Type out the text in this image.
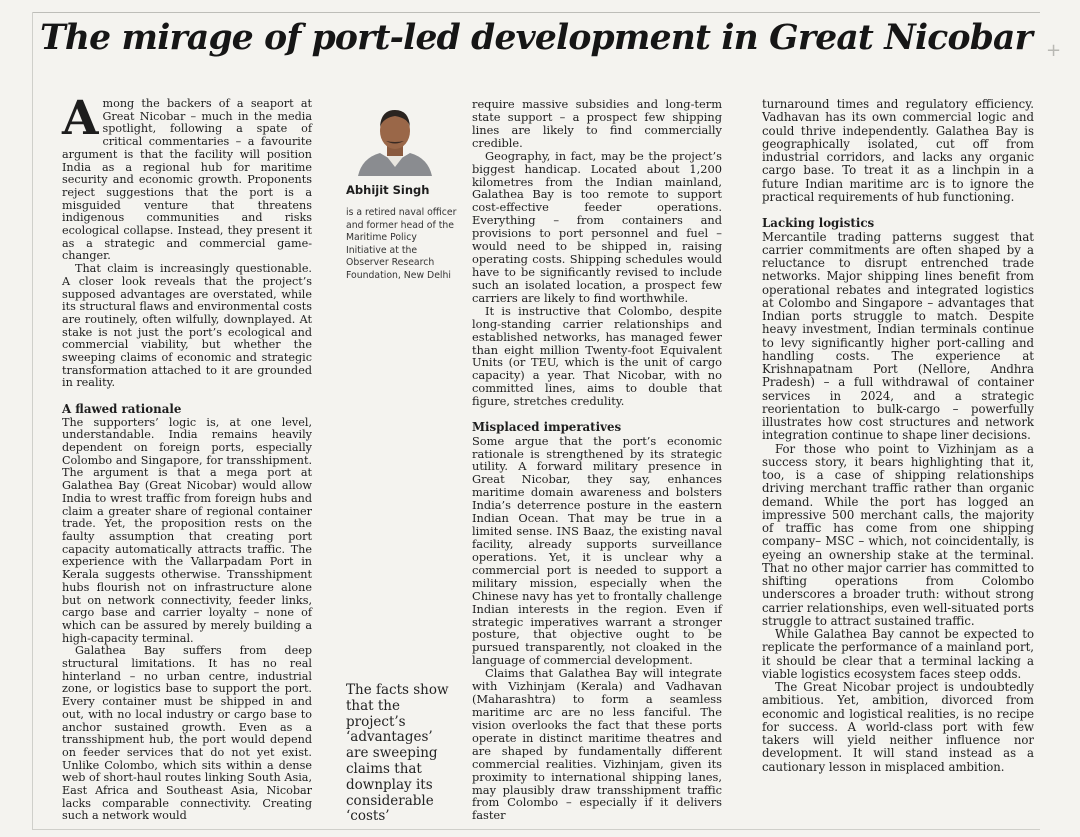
+
The mirage of port-led development in Great Nicobar

Among the backers of a seaport at Great Nicobar – much in the media spotlight, following a spate of critical commentaries – a favourite argument is that the facility will position India as a regional hub for maritime security and economic growth. Proponents reject suggestions that the port is a misguided venture that threatens indigenous communities and risks ecological collapse. Instead, they present it as a strategic and commercial game-changer.

That claim is increasingly questionable. A closer look reveals that the project’s supposed advantages are overstated, while its structural flaws and environmental costs are routinely, often wilfully, downplayed. At stake is not just the port’s ecological and commercial viability, but whether the sweeping claims of economic and strategic transformation attached to it are grounded in reality.

A flawed rationale

The supporters’ logic is, at one level, understandable. India remains heavily dependent on foreign ports, especially Colombo and Singapore, for transshipment. The argument is that a mega port at Galathea Bay (Great Nicobar) would allow India to wrest traffic from foreign hubs and claim a greater share of regional container trade. Yet, the proposition rests on the faulty assumption that creating port capacity automatically attracts traffic. The experience with the Vallarpadam Port in Kerala suggests otherwise. Transshipment hubs flourish not on infrastructure alone but on network connectivity, feeder links, cargo base and carrier loyalty – none of which can be assured by merely building a high-capacity terminal.

Galathea Bay suffers from deep structural limitations. It has no real hinterland – no urban centre, industrial zone, or logistics base to support the port. Every container must be shipped in and out, with no local industry or cargo base to anchor sustained growth. Even as a transshipment hub, the port would depend on feeder services that do not yet exist. Unlike Colombo, which sits within a dense web of short-haul routes linking South Asia, East Africa and Southeast Asia, Nicobar lacks comparable connectivity. Creating such a network would

Abhijit Singh
is a retired naval officer and former head of the Maritime Policy Initiative at the Observer Research Foundation, New Delhi

The facts show that the project’s ‘advantages’ are sweeping claims that downplay its considerable ‘costs’

require massive subsidies and long-term state support – a prospect few shipping lines are likely to find commercially credible.

Geography, in fact, may be the project’s biggest handicap. Located about 1,200 kilometres from the Indian mainland, Galathea Bay is too remote to support cost-effective feeder operations. Everything – from containers and provisions to port personnel and fuel – would need to be shipped in, raising operating costs. Shipping schedules would have to be significantly revised to include such an isolated location, a prospect few carriers are likely to find worthwhile.

It is instructive that Colombo, despite long-standing carrier relationships and established networks, has managed fewer than eight million Twenty-foot Equivalent Units (or TEU, which is the unit of cargo capacity) a year. That Nicobar, with no committed lines, aims to double that figure, stretches credulity.

Misplaced imperatives

Some argue that the port’s economic rationale is strengthened by its strategic utility. A forward military presence in Great Nicobar, they say, enhances maritime domain awareness and bolsters India’s deterrence posture in the eastern Indian Ocean. That may be true in a limited sense. INS Baaz, the existing naval facility, already supports surveillance operations. Yet, it is unclear why a commercial port is needed to support a military mission, especially when the Chinese navy has yet to frontally challenge Indian interests in the region. Even if strategic imperatives warrant a stronger posture, that objective ought to be pursued transparently, not cloaked in the language of commercial development.

Claims that Galathea Bay will integrate with Vizhinjam (Kerala) and Vadhavan (Maharashtra) to form a seamless maritime arc are no less fanciful. The vision overlooks the fact that these ports operate in distinct maritime theatres and are shaped by fundamentally different commercial realities. Vizhinjam, given its proximity to international shipping lanes, may plausibly draw transshipment traffic from Colombo – especially if it delivers faster

turnaround times and regulatory efficiency. Vadhavan has its own commercial logic and could thrive independently. Galathea Bay is geographically isolated, cut off from industrial corridors, and lacks any organic cargo base. To treat it as a linchpin in a future Indian maritime arc is to ignore the practical requirements of hub functioning.

Lacking logistics

Mercantile trading patterns suggest that carrier commitments are often shaped by a reluctance to disrupt entrenched trade networks. Major shipping lines benefit from operational rebates and integrated logistics at Colombo and Singapore – advantages that Indian ports struggle to match. Despite heavy investment, Indian terminals continue to levy significantly higher port-calling and handling costs. The experience at Krishnapatnam Port (Nellore, Andhra Pradesh) – a full withdrawal of container services in 2024, and a strategic reorientation to bulk-cargo – powerfully illustrates how cost structures and network integration continue to shape liner decisions.

For those who point to Vizhinjam as a success story, it bears highlighting that it, too, is a case of shipping relationships driving merchant traffic rather than organic demand. While the port has logged an impressive 500 merchant calls, the majority of traffic has come from one shipping company– MSC – which, not coincidentally, is eyeing an ownership stake at the terminal. That no other major carrier has committed to shifting operations from Colombo underscores a broader truth: without strong carrier relationships, even well-situated ports struggle to attract sustained traffic.

While Galathea Bay cannot be expected to replicate the performance of a mainland port, it should be clear that a terminal lacking a viable logistics ecosystem faces steep odds.

The Great Nicobar project is undoubtedly ambitious. Yet, ambition, divorced from economic and logistical realities, is no recipe for success. A world-class port with few takers will yield neither influence nor development. It will stand instead as a cautionary lesson in misplaced ambition.
